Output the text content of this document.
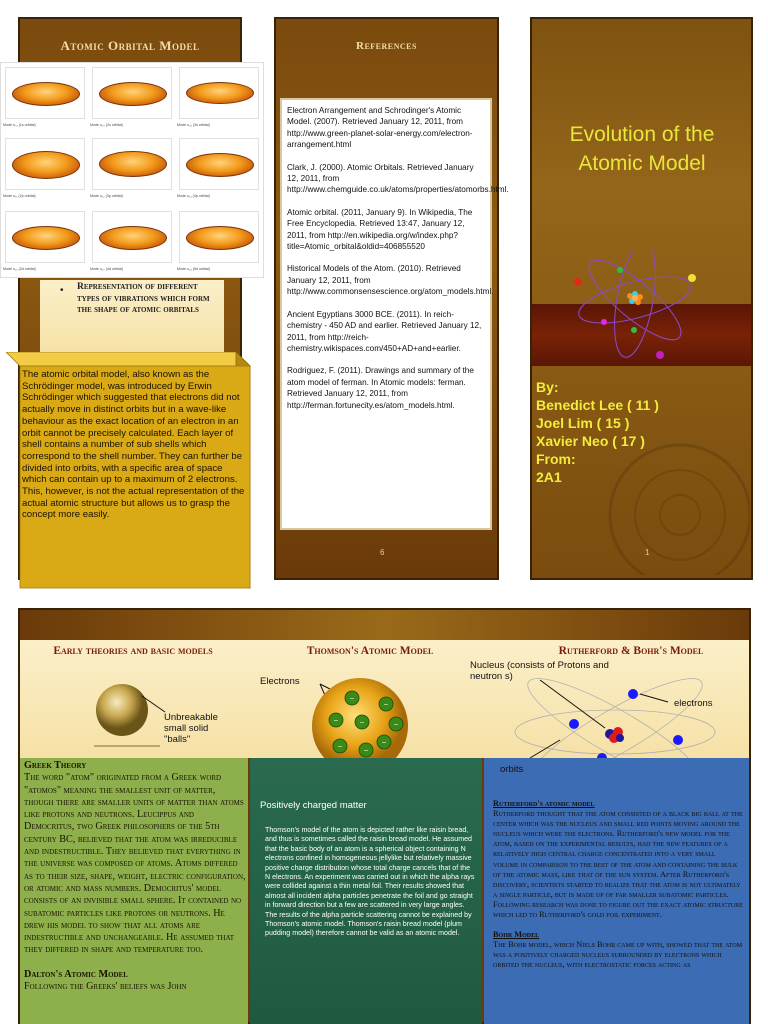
Atomic Orbital Model
Mode u₀₁ (1s orbital)	Mode u₀₂ (2s orbital)	Mode u₀₃ (3s orbital)
Mode u₁₁ (2p orbital)	Mode u₁₂ (3p orbital)	Mode u₁₃ (4p orbital)
Mode u₂₁ (3d orbital)	Mode u₂₂ (4d orbital)	Mode u₂₃ (5d orbital)
• Representation of different types of vibrations which form the shape of atomic orbitals
The atomic orbital model, also known as the Schrödinger model, was introduced by Erwin Schrödinger which suggested that electrons did not actually move in distinct orbits but in a wave-like behaviour as the exact location of an electron in an orbit cannot be precisely calculated. Each layer of shell contains a number of sub shells which correspond to the shell number. They can further be divided into orbits, with a specific area of space which can contain up to a maximum of 2 electrons. This, however, is not the actual representation of the actual atomic structure but allows us to grasp the concept more easily.
References
Electron Arrangement and Schrodinger's Atomic Model. (2007). Retrieved January 12, 2011, from http://www.green-planet-solar-energy.com/electron-arrangement.html
Clark, J. (2000). Atomic Orbitals. Retrieved January 12, 2011, from http://www.chemguide.co.uk/atoms/properties/atomorbs.html.
Atomic orbital. (2011, January 9). In Wikipedia, The Free Encyclopedia. Retrieved 13:47, January 12, 2011, from http://en.wikipedia.org/w/index.php?title=Atomic_orbital&oldid=406855520
Historical Models of the Atom. (2010). Retrieved January 12, 2011, from http://www.commonsensescience.org/atom_models.html.
Ancient Egyptians 3000 BCE. (2011). In reich-chemistry - 450 AD and earlier. Retrieved January 12, 2011, from http://reich-chemistry.wikispaces.com/450+AD+and+earlier.
Rodriguez, F. (2011). Drawings and summary of the atom model of ferman. In Atomic models: ferman. Retrieved January 12, 2011, from http://ferman.fortunecity.es/atom_models.html.
6
Evolution of the Atomic Model
By:
Benedict Lee ( 11 )
Joel Lim ( 15 )
Xavier Neo ( 17 )
From:
2A1
1
Early theories and basic models	Thomson's Atomic Model	Rutherford & Bohr's Model
Unbreakable small solid "balls"
Electrons
−
−	−
−
−
−	−
−
Nucleus (consists of Protons and neutron s)
electrons
Greek Theory
The word "atom" originated from a Greek word "atomos" meaning the smallest unit of matter, though there are smaller units of matter than atoms like protons and neutrons. Leucippus and Democritus, two Greek philosophers of the 5th century BC, believed that the atom was irreducible and indestructible. They believed that everything in the universe was composed of atoms. Atoms differed as to their size, shape, weight, electric configuration, or atomic and mass numbers. Democritus' model consists of an invisible small sphere. It contained no subatomic particles like protons or neutrons. He drew his model to show that all atoms are indestructible and unchangeable. He assumed that they differed in shape and temperature too.
Dalton's Atomic Model
Following the Greeks' beliefs was John
Positively charged matter
Thomson's model of the atom is depicted rather like raisin bread, and thus is sometimes called the raisin bread model. He assumed that the basic body of an atom is a spherical object containing N electrons confined in homogeneous jellylike but relatively massive positive charge distribution whose total charge cancels that of the N electrons. An experiment was carried out in which the alpha rays were collided against a thin metal foil. Their results showed that almost all incident alpha particles penetrate the foil and go straight in forward direction but a few are scattered in very large angles. The results of the alpha particle scattering cannot be explained by Thomson's atomic model. Thomson's raisin bread model (plum pudding model) therefore cannot be valid as an atomic model.
orbits
Rutherford's atomic model
Rutherford thought that the atom consisted of a black big ball at the center which was the nucleus and small red points moving around the nucleus which were the electrons. Rutherford's new model for the atom, based on the experimental results, had the new features of a relatively high central charge concentrated into a very small volume in comparison to the rest of the atom and containing the bulk of the atomic mass, like that of the sun system. After Rutherford's discovery, scientists started to realize that the atom is not ultimately a single particle, but is made up of far smaller subatomic particles. Following research was done to figure out the exact atomic structure which led to Rutherford's gold foil experiment.
Bohr Model
The Bohr model, which Niels Bohr came up with, showed that the atom was a positively charged nucleus surrounded by electrons which orbited the nucleus, with electrostatic forces acting as
